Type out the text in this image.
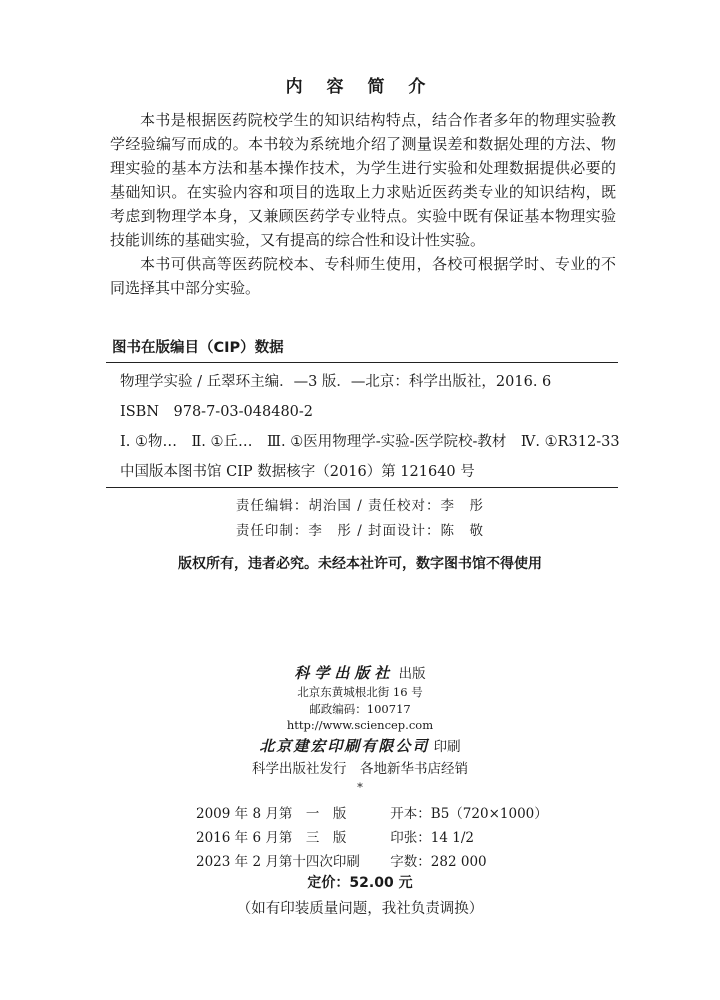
内 容 简 介

本书是根据医药院校学生的知识结构特点，结合作者多年的物理实验教学经验编写而成的。本书较为系统地介绍了测量误差和数据处理的方法、物理实验的基本方法和基本操作技术，为学生进行实验和处理数据提供必要的基础知识。在实验内容和项目的选取上力求贴近医药类专业的知识结构，既考虑到物理学本身，又兼顾医药学专业特点。实验中既有保证基本物理实验技能训练的基础实验，又有提高的综合性和设计性实验。

本书可供高等医药院校本、专科师生使用，各校可根据学时、专业的不同选择其中部分实验。

图书在版编目（CIP）数据
物理学实验 / 丘翠环主编．—3 版．—北京：科学出版社，2016. 6
ISBN　978-7-03-048480-2
Ⅰ. ①物…　Ⅱ. ①丘…　Ⅲ. ①医用物理学-实验-医学院校-教材　Ⅳ. ①R312-33
中国版本图书馆 CIP 数据核字（2016）第 121640 号
责任编辑：胡治国 / 责任校对：李　彤
责任印制：李　彤 / 封面设计：陈　敬
版权所有，违者必究。未经本社许可，数字图书馆不得使用
科学出版社 出版
北京东黄城根北街 16 号
邮政编码：100717
http://www.sciencep.com
北京建宏印刷有限公司 印刷
科学出版社发行　各地新华书店经销
*
2009 年 8 月第　一　版	开本：B5（720×1000）
2016 年 6 月第　三　版	印张：14 1/2
2023 年 2 月第十四次印刷 字数：282 000
定价：52.00 元
（如有印装质量问题，我社负责调换）
